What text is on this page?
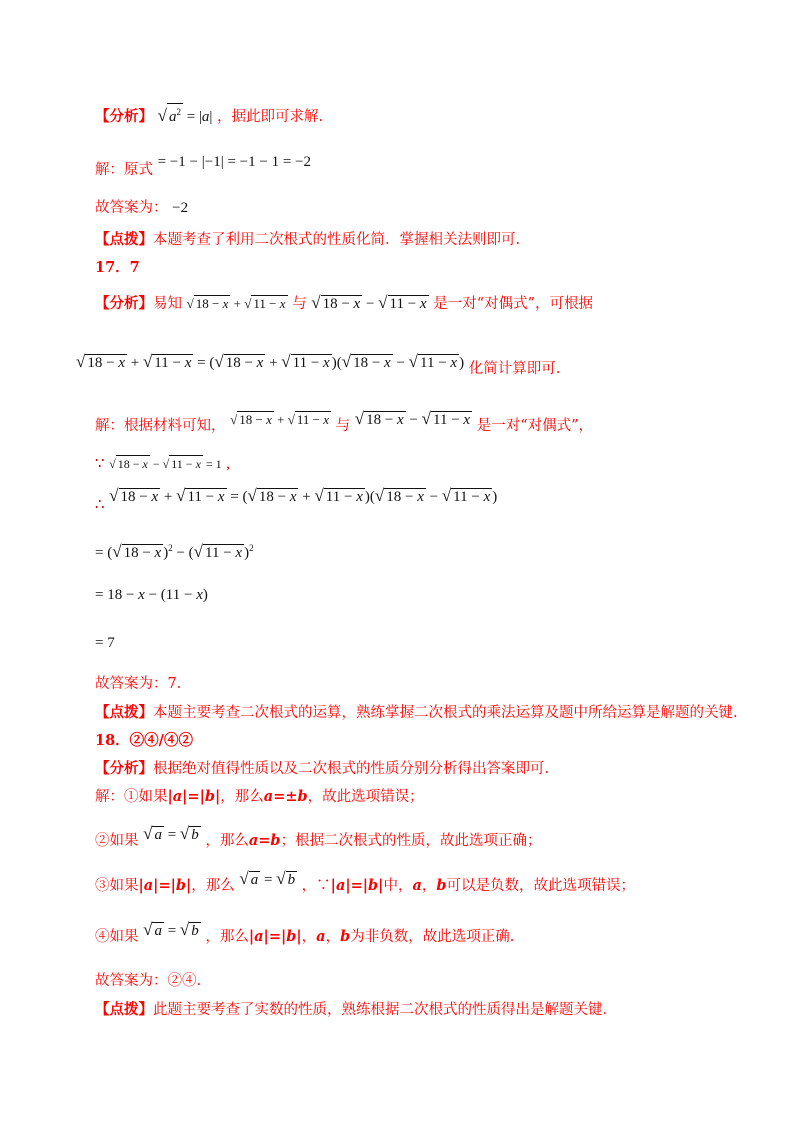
【分析】 √ $a^2 = |a|$ ，据此即可求解.
解：原式 = −1 − |−1| = −1 − 1 = −2
故答案为： −2
【点拨】本题考查了利用二次根式的性质化简．掌握相关法则即可.
17．7
【分析】易知 √ 18 − x + √ 11 − x 与 √ 18 − x − √ 11 − x 是一对“对偶式”，可根据
√ 18 − x + √ 11 − x = (√ 18 − x + √ 11 − x )(√ 18 − x − √ 11 − x ) 化简计算即可.
解：根据材料可知， √ 18 − x + √ 11 − x 与 √ 18 − x − √ 11 − x 是一对“对偶式”，
∵ √ 18 − x − √ 11 − x = 1 ,
∴ √ 18 − x + √ 11 − x = (√ 18 − x + √ 11 − x )(√ 18 − x − √ 11 − x )
= (√ 18 − x )$^2$ − (√ 11 − x )$^2$
= 18 − x − (11 − x)
= 7
故答案为：7.
【点拨】本题主要考查二次根式的运算，熟练掌握二次根式的乘法运算及题中所给运算是解题的关键.
18．②④/④②
【分析】根据绝对值得性质以及二次根式的性质分别分析得出答案即可.
解：①如果|a|=|b|，那么a=±b，故此选项错误；
②如果 √ a = √ b ，那么a=b；根据二次根式的性质，故此选项正确；
③如果|a|=|b|，那么 √ a = √ b ，∵|a|=|b|中，a，b可以是负数，故此选项错误；
④如果 √ a = √ b ，那么|a|=|b|，a，b为非负数，故此选项正确.
故答案为：②④.
【点拨】此题主要考查了实数的性质，熟练根据二次根式的性质得出是解题关键.
